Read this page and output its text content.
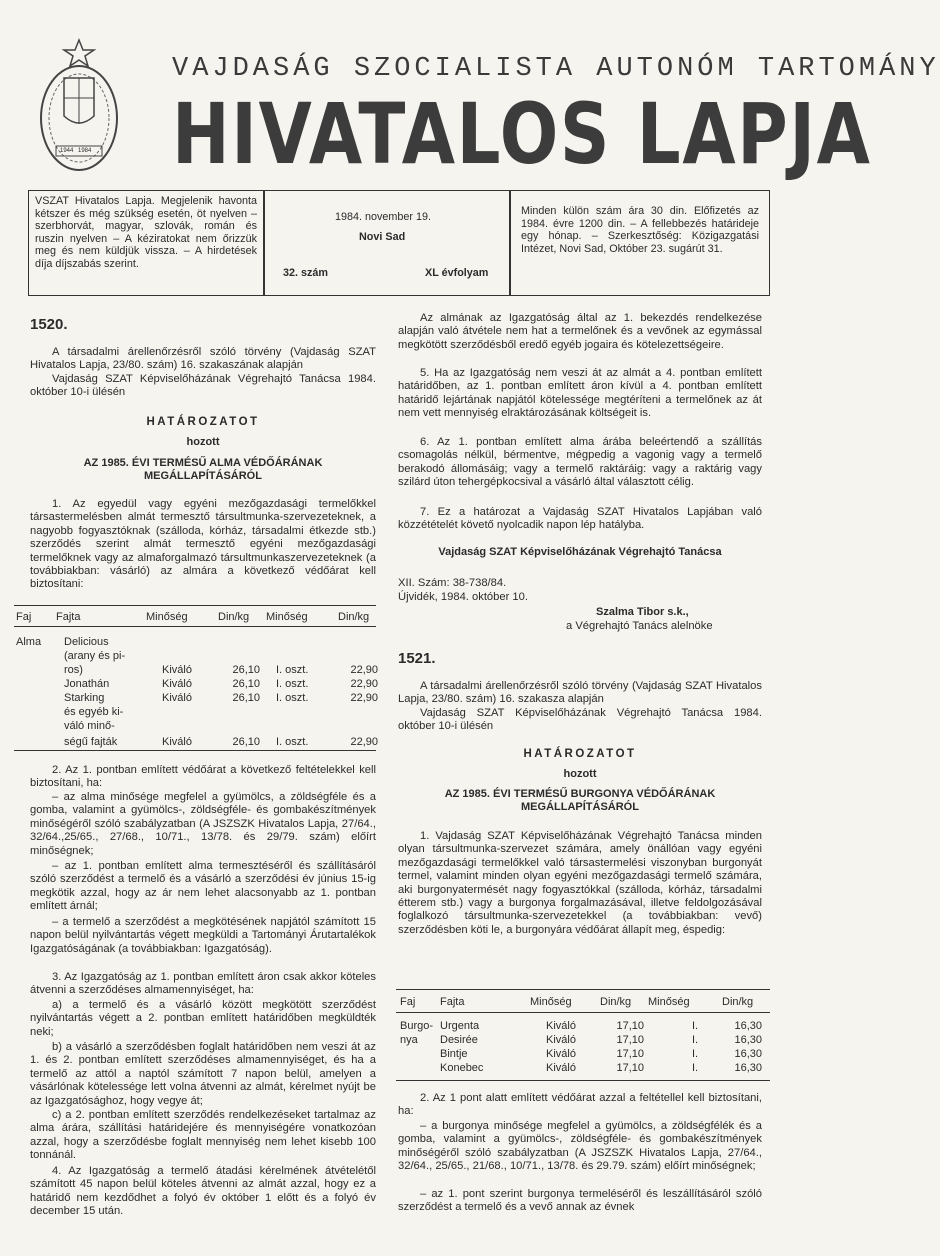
1944 1984
VAJDASÁG SZOCIALISTA AUTONÓM TARTOMÁNY
HIVATALOS LAPJA
VSZAT Hivatalos Lapja. Megjelenik havonta kétszer és még szükség esetén, öt nyelven – szerbhorvát, magyar, szlovák, román és ruszin nyelven – A kéziratokat nem őrizzük meg és nem küldjük vissza. – A hirdetések díja díjszabás szerint.
1984. november 19.
Novi Sad
32. szám	XL évfolyam
Minden külön szám ára 30 din. Előfizetés az 1984. évre 1200 din. – A fellebbezés határideje egy hónap. – Szerkesztőség: Közigazgatási Intézet, Novi Sad, Október 23. sugárút 31.
1520.
A társadalmi árellenőrzésről szóló törvény (Vajdaság SZAT Hivatalos Lapja, 23/80. szám) 16. szakaszának alapján
Vajdaság SZAT Képviselőházának Végrehajtó Tanácsa 1984. október 10-i ülésén
HATÁROZATOT
hozott
AZ 1985. ÉVI TERMÉSŰ ALMA VÉDŐÁRÁNAK MEGÁLLAPÍTÁSÁRÓL
1. Az egyedül vagy egyéni mezőgazdasági termelőkkel társastermelésben almát termesztő társultmunka-szervezeteknek, a nagyobb fogyasztóknak (szálloda, kórház, társadalmi étkezde stb.) szerződés szerint almát termesztő egyéni mezőgazdasági termelőknek vagy az almaforgalmazó társultmunkaszervezeteknek (a továbbiakban: vásárló) az almára a következő védőárat kell biztosítani:
Faj Fajta	Minőség	Din/kg Minőség	Din/kg
Alma Delicious
(arany és pi-
ros)	Kiváló	26,10 I. oszt.	22,90
Jonathán	Kiváló	26,10 I. oszt.	22,90
Starking	Kiváló	26,10 I. oszt.	22,90
és egyéb ki-
váló minő-
ségű fajták	Kiváló	26,10 I. oszt.	22,90
2. Az 1. pontban említett védőárat a következő feltételekkel kell biztosítani, ha:
– az alma minősége megfelel a gyümölcs, a zöldségféle és a gomba, valamint a gyümölcs-, zöldségféle- és gombakészítmények minőségéről szóló szabályzatban (A JSZSZK Hivatalos Lapja, 27/64., 32/64.,25/65., 27/68., 10/71., 13/78. és 29/79. szám) előírt minőségnek;
– az 1. pontban említett alma termesztéséről és szállításáról szóló szerződést a termelő és a vásárló a szerződési év június 15-ig megkötik azzal, hogy az ár nem lehet alacsonyabb az 1. pontban említett árnál;
– a termelő a szerződést a megkötésének napjától számított 15 napon belül nyilvántartás végett megküldi a Tartományi Árutartalékok Igazgatóságának (a továbbiakban: Igazgatóság).
3. Az Igazgatóság az 1. pontban említett áron csak akkor köteles átvenni a szerződéses almamennyiséget, ha:
a) a termelő és a vásárló között megkötött szerződést nyilvántartás végett a 2. pontban említett határidőben megküldték neki;
b) a vásárló a szerződésben foglalt határidőben nem veszi át az 1. és 2. pontban említett szerződéses almamennyiséget, és ha a termelő az attól a naptól számított 7 napon belül, amelyen a vásárlónak kötelessége lett volna átvenni az almát, kérelmet nyújt be az Igazgatósághoz, hogy vegye át;
c) a 2. pontban említett szerződés rendelkezéseket tartalmaz az alma árára, szállítási határidejére és mennyiségére vonatkozóan azzal, hogy a szerződésbe foglalt mennyiség nem lehet kisebb 100 tonnánál.
4. Az Igazgatóság a termelő átadási kérelmének átvételétől számított 45 napon belül köteles átvenni az almát azzal, hogy ez a határidő nem kezdődhet a folyó év október 1 előtt és a folyó év december 15 után.
Az almának az Igazgatóság által az 1. bekezdés rendelkezése alapján való átvétele nem hat a termelőnek és a vevőnek az egymással megkötött szerződésből eredő egyéb jogaira és kötelezettségeire.
5. Ha az Igazgatóság nem veszi át az almát a 4. pontban említett határidőben, az 1. pontban említett áron kívül a 4. pontban említett határidő lejártának napjától kötelessége megtéríteni a termelőnek az át nem vett mennyiség elraktározásának költségeit is.
6. Az 1. pontban említett alma árába beleértendő a szállítás csomagolás nélkül, bérmentve, mégpedig a vagonig vagy a termelő berakodó állomásáig; vagy a termelő raktáráig: vagy a raktárig vagy szilárd úton tehergépkocsival a vásárló által választott célig.
7. Ez a határozat a Vajdaság SZAT Hivatalos Lapjában való közzétételét követő nyolcadik napon lép hatályba.
Vajdaság SZAT Képviselőházának Végrehajtó Tanácsa
XII. Szám: 38-738/84.
Újvidék, 1984. október 10.
Szalma Tibor s.k.,
a Végrehajtó Tanács alelnöke
1521.
A társadalmi árellenőrzésről szóló törvény (Vajdaság SZAT Hivatalos Lapja, 23/80. szám) 16. szakasza alapján
Vajdaság SZAT Képviselőházának Végrehajtó Tanácsa 1984. október 10-i ülésén
HATÁROZATOT
hozott
AZ 1985. ÉVI TERMÉSŰ BURGONYA VÉDŐÁRÁNAK MEGÁLLAPÍTÁSÁRÓL
1. Vajdaság SZAT Képviselőházának Végrehajtó Tanácsa minden olyan társultmunka-szervezet számára, amely önállóan vagy egyéni mezőgazdasági termelőkkel való társastermelési viszonyban burgonyát termel, valamint minden olyan egyéni mezőgazdasági termelő számára, aki burgonyatermését nagy fogyasztókkal (szálloda, kórház, társadalmi étterem stb.) vagy a burgonya forgalmazásával, illetve feldolgozásával foglalkozó társultmunka-szervezetekkel (a továbbiakban: vevő) szerződésben köti le, a burgonyára védőárat állapít meg, éspedig:
Faj Fajta	Minőség	Din/kg Minőség	Din/kg
Burgo-
nya
Urgenta	Kiváló	17,10	I.	16,30
Desirée	Kiváló	17,10	I.	16,30
Bintje	Kiváló	17,10	I.	16,30
Konebec	Kiváló	17,10	I.	16,30
2. Az 1 pont alatt említett védőárat azzal a feltétellel kell biztosítani, ha:
– a burgonya minősége megfelel a gyümölcs, a zöldségfélék és a gomba, valamint a gyümölcs-, zöldségféle- és gombakészítmények minőségéről szóló szabályzatban (A JSZSZK Hivatalos Lapja, 27/64., 32/64., 25/65., 21/68., 10/71., 13/78. és 29.79. szám) előírt minőségnek;
– az 1. pont szerint burgonya termeléséről és leszállításáról szóló szerződést a termelő és a vevő annak az évnek
